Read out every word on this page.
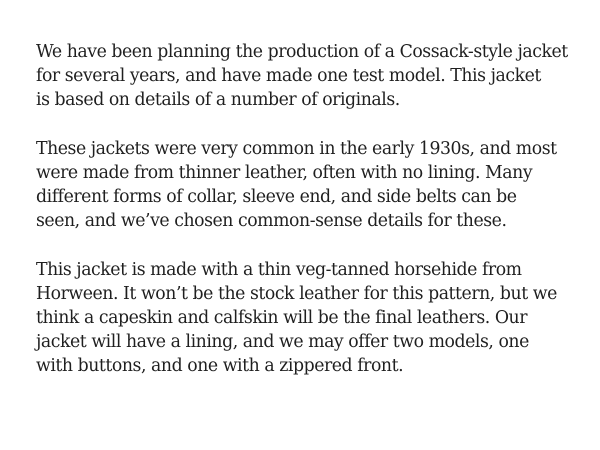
We have been planning the production of a Cossack-style jacket
for several years, and have made one test model. This jacket
is based on details of a number of originals.

These jackets were very common in the early 1930s, and most
were made from thinner leather, often with no lining. Many
different forms of collar, sleeve end, and side belts can be
seen, and we’ve chosen common-sense details for these.

This jacket is made with a thin veg-tanned horsehide from
Horween. It won’t be the stock leather for this pattern, but we
think a capeskin and calfskin will be the final leathers. Our
jacket will have a lining, and we may offer two models, one
with buttons, and one with a zippered front.
